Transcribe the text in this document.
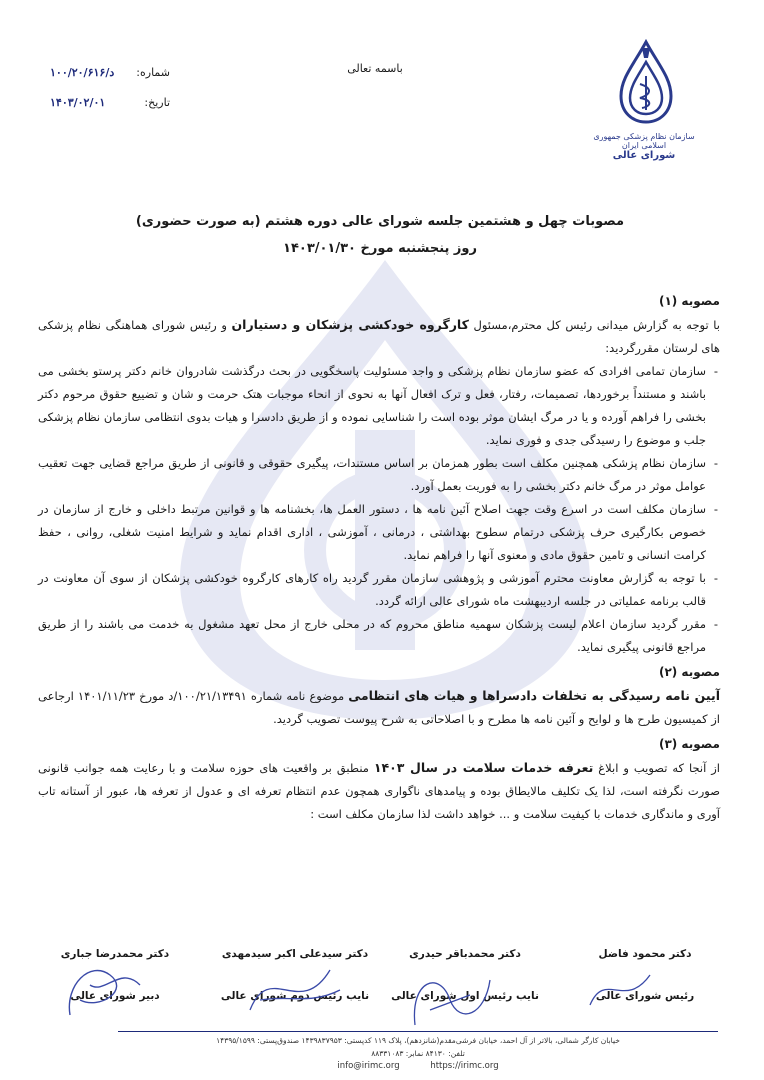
سازمان نظام پزشکی جمهوری اسلامی ایران
شورای عالی
باسمه تعالی
شماره:
د/۱۰۰/۲۰/۶۱۶
تاریخ:
۱۴۰۳/۰۲/۰۱
مصوبات چهل و هشتمین جلسه شورای عالی دوره هشتم (به صورت حضوری)
روز پنجشنبه مورخ ۱۴۰۳/۰۱/۳۰

مصوبه (۱)

با توجه به گزارش میدانی رئیس کل محترم،مسئول کارگروه خودکشی پزشکان و دستیاران و رئیس شورای هماهنگی نظام پزشکی های لرستان مقررگردید:

- سازمان تمامی افرادی که عضو سازمان نظام پزشکی و واجد مسئولیت پاسخگویی در بحث درگذشت شادروان خانم دکتر پرستو بخشی می باشند و مستنداً برخوردها، تصمیمات، رفتار، فعل و ترک افعال آنها به نحوی از انحاء موجبات هتک حرمت و شان و تضییع حقوق مرحوم دکتر بخشی را فراهم آورده و یا در مرگ ایشان موثر بوده است را شناسایی نموده و از طریق دادسرا و هیات بدوی انتظامی سازمان نظام پزشکی جلب و موضوع را رسیدگی جدی و فوری نماید.
- سازمان نظام پزشکی همچنین مکلف است بطور همزمان بر اساس مستندات، پیگیری حقوقی و قانونی از طریق مراجع قضایی جهت تعقیب عوامل موثر در مرگ خانم دکتر بخشی را به فوریت بعمل آورد.
- سازمان مکلف است در اسرع وقت جهت اصلاح آئین نامه ها ، دستور العمل ها، بخشنامه ها و قوانین مرتبط داخلی و خارج از سازمان در خصوص بکارگیری حرف پزشکی درتمام سطوح بهداشتی ، درمانی ، آموزشی ، اداری اقدام نماید و شرایط امنیت شغلی، روانی ، حفظ کرامت انسانی و تامین حقوق مادی و معنوی آنها را فراهم نماید.
- با توجه به گزارش معاونت محترم آموزشی و پژوهشی سازمان مقرر گردید راه کارهای کارگروه خودکشی پزشکان از سوی آن معاونت در قالب برنامه عملیاتی در جلسه اردیبهشت ماه شورای عالی ارائه گردد.
- مقرر گردید سازمان اعلام لیست پزشکان سهمیه مناطق محروم که در محلی خارج از محل تعهد مشغول به خدمت می باشند را از طریق مراجع قانونی پیگیری نماید.

مصوبه (۲)

آیین نامه رسیدگی به تخلفات دادسراها و هیات های انتظامی موضوع نامه شماره ۱۰۰/۲۱/۱۳۴۹۱/د مورخ ۱۴۰۱/۱۱/۲۳ ارجاعی از کمیسیون طرح ها و لوایح و آئین نامه ها مطرح و با اصلاحاتی به شرح پیوست تصویب گردید.

مصوبه (۳)

از آنجا که تصویب و ابلاغ تعرفه خدمات سلامت در سال ۱۴۰۳ منطبق بر واقعیت های حوزه سلامت و با رعایت همه جوانب قانونی صورت نگرفته است، لذا یک تکلیف مالایطاق بوده و پیامدهای ناگواری همچون عدم انتظام تعرفه ای و عدول از تعرفه ها، عبور از آستانه تاب آوری و ماندگاری خدمات با کیفیت سلامت و ... خواهد داشت لذا سازمان مکلف است :

دکتر محمود فاضل
رئیس شورای عالی
دکتر محمدباقر حیدری
نایب رئیس اول شورای عالی
دکتر سیدعلی اکبر سیدمهدی
نایب رئیس دوم شورای عالی
دکتر محمدرضا جباری
دبیر شورای عالی
خیابان کارگر شمالی، بالاتر از آل احمد، خیابان فرشی‌مقدم(شانزدهم)، پلاک ۱۱۹ کدپستی: ۱۴۳۹۸۳۷۹۵۳ صندوق‌پستی: ۱۴۳۹۵/۱۵۹۹
تلفن: ۸۴۱۳۰ نمابر: ۸۸۳۳۱۰۸۳
info@irimc.org	https://irimc.org
